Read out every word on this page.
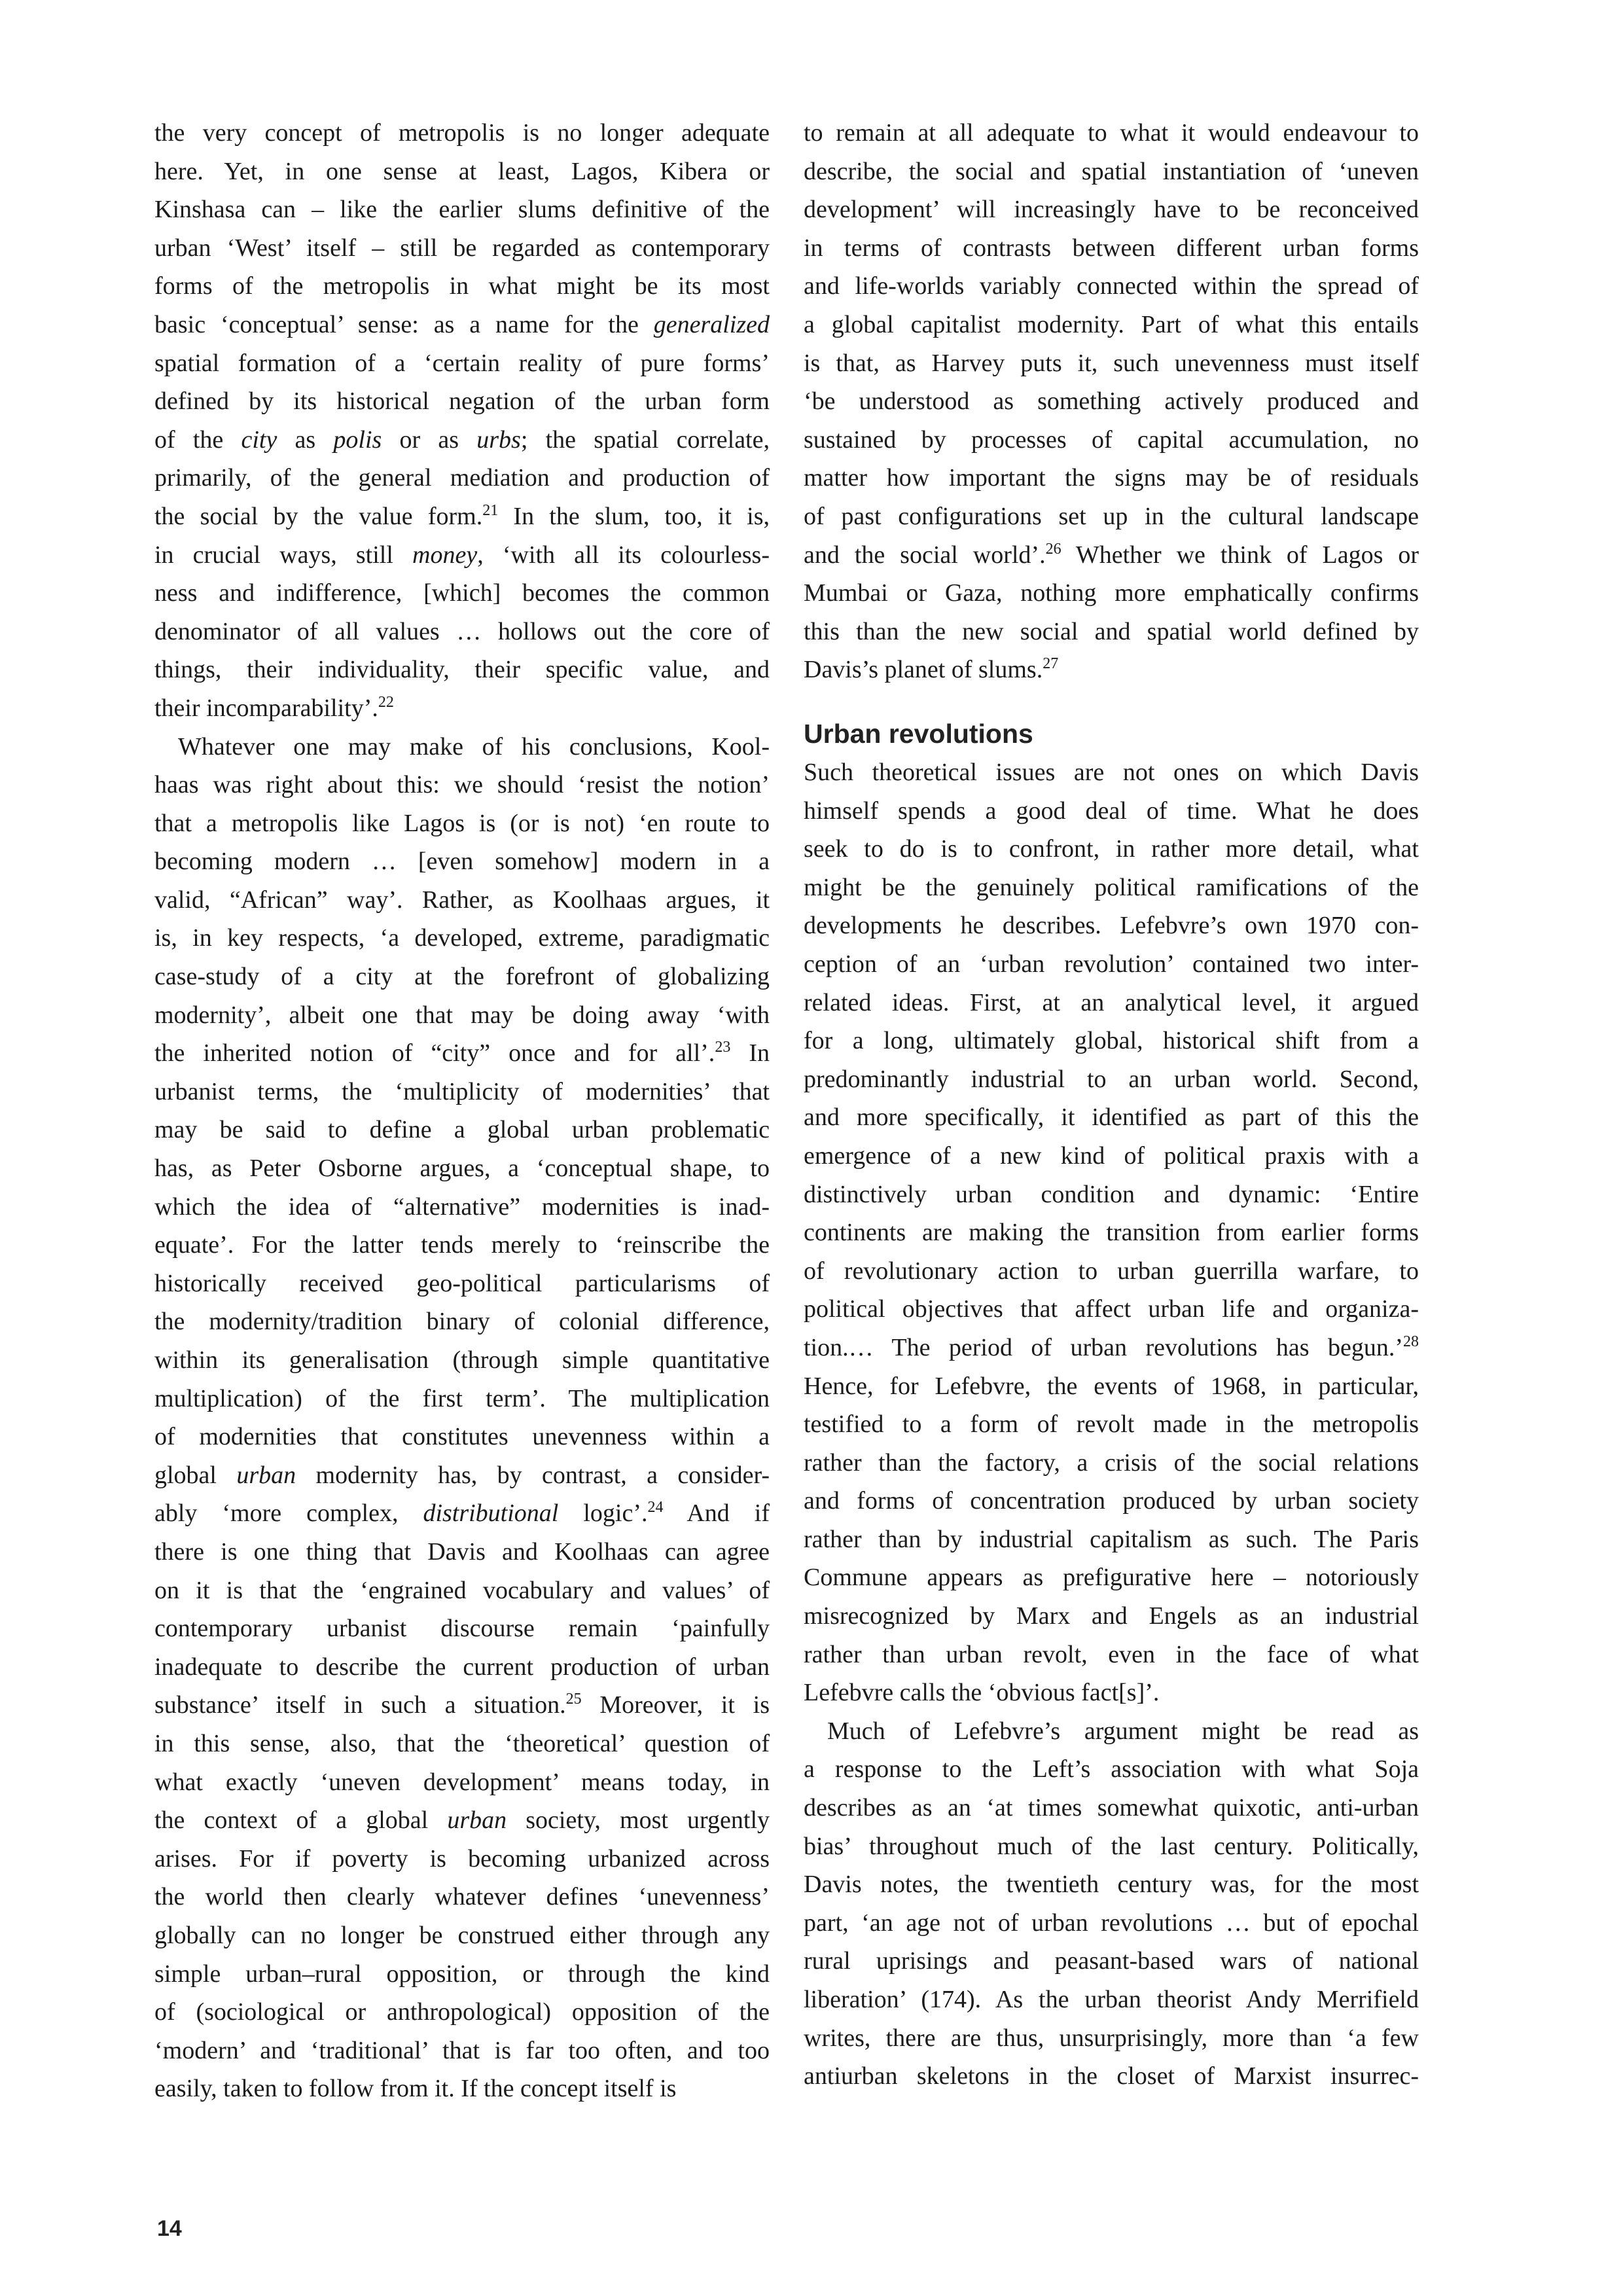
the very concept of metropolis is no longer adequate
here. Yet, in one sense at least, Lagos, Kibera or
Kinshasa can – like the earlier slums definitive of the
urban ‘West’ itself – still be regarded as contemporary
forms of the metropolis in what might be its most
basic ‘conceptual’ sense: as a name for the generalized
spatial formation of a ‘certain reality of pure forms’
defined by its historical negation of the urban form
of the city as polis or as urbs; the spatial correlate,
primarily, of the general mediation and production of
the social by the value form.$^{21}$ In the slum, too, it is,
in crucial ways, still money, ‘with all its colourless-
ness and indifference, [which] becomes the common
denominator of all values … hollows out the core of
things, their individuality, their specific value, and
their incomparability’.$^{22}$
Whatever one may make of his conclusions, Kool-
haas was right about this: we should ‘resist the notion’
that a metropolis like Lagos is (or is not) ‘en route to
becoming modern … [even somehow] modern in a
valid, “African” way’. Rather, as Koolhaas argues, it
is, in key respects, ‘a developed, extreme, paradigmatic
case-study of a city at the forefront of globalizing
modernity’, albeit one that may be doing away ‘with
the inherited notion of “city” once and for all’.$^{23}$ In
urbanist terms, the ‘multiplicity of modernities’ that
may be said to define a global urban problematic
has, as Peter Osborne argues, a ‘conceptual shape, to
which the idea of “alternative” modernities is inad-
equate’. For the latter tends merely to ‘reinscribe the
historically received geo-political particularisms of
the modernity/tradition binary of colonial difference,
within its generalisation (through simple quantitative
multiplication) of the first term’. The multiplication
of modernities that constitutes unevenness within a
global urban modernity has, by contrast, a consider-
ably ‘more complex, distributional logic’.$^{24}$ And if
there is one thing that Davis and Koolhaas can agree
on it is that the ‘engrained vocabulary and values’ of
contemporary urbanist discourse remain ‘painfully
inadequate to describe the current production of urban
substance’ itself in such a situation.$^{25}$ Moreover, it is
in this sense, also, that the ‘theoretical’ question of
what exactly ‘uneven development’ means today, in
the context of a global urban society, most urgently
arises. For if poverty is becoming urbanized across
the world then clearly whatever defines ‘unevenness’
globally can no longer be construed either through any
simple urban–rural opposition, or through the kind
of (sociological or anthropological) opposition of the
‘modern’ and ‘traditional’ that is far too often, and too
easily, taken to follow from it. If the concept itself is
to remain at all adequate to what it would endeavour to
describe, the social and spatial instantiation of ‘uneven
development’ will increasingly have to be reconceived
in terms of contrasts between different urban forms
and life-worlds variably connected within the spread of
a global capitalist modernity. Part of what this entails
is that, as Harvey puts it, such unevenness must itself
‘be understood as something actively produced and
sustained by processes of capital accumulation, no
matter how important the signs may be of residuals
of past configurations set up in the cultural landscape
and the social world’.$^{26}$ Whether we think of Lagos or
Mumbai or Gaza, nothing more emphatically confirms
this than the new social and spatial world defined by
Davis’s planet of slums.$^{27}$
Urban revolutions
Such theoretical issues are not ones on which Davis
himself spends a good deal of time. What he does
seek to do is to confront, in rather more detail, what
might be the genuinely political ramifications of the
developments he describes. Lefebvre’s own 1970 con-
ception of an ‘urban revolution’ contained two inter-
related ideas. First, at an analytical level, it argued
for a long, ultimately global, historical shift from a
predominantly industrial to an urban world. Second,
and more specifically, it identified as part of this the
emergence of a new kind of political praxis with a
distinctively urban condition and dynamic: ‘Entire
continents are making the transition from earlier forms
of revolutionary action to urban guerrilla warfare, to
political objectives that affect urban life and organiza-
tion.… The period of urban revolutions has begun.’$^{28}$
Hence, for Lefebvre, the events of 1968, in particular,
testified to a form of revolt made in the metropolis
rather than the factory, a crisis of the social relations
and forms of concentration produced by urban society
rather than by industrial capitalism as such. The Paris
Commune appears as prefigurative here – notoriously
misrecognized by Marx and Engels as an industrial
rather than urban revolt, even in the face of what
Lefebvre calls the ‘obvious fact[s]’.
Much of Lefebvre’s argument might be read as
a response to the Left’s association with what Soja
describes as an ‘at times somewhat quixotic, anti-urban
bias’ throughout much of the last century. Politically,
Davis notes, the twentieth century was, for the most
part, ‘an age not of urban revolutions … but of epochal
rural uprisings and peasant-based wars of national
liberation’ (174). As the urban theorist Andy Merrifield
writes, there are thus, unsurprisingly, more than ‘a few
antiurban skeletons in the closet of Marxist insurrec-
14
